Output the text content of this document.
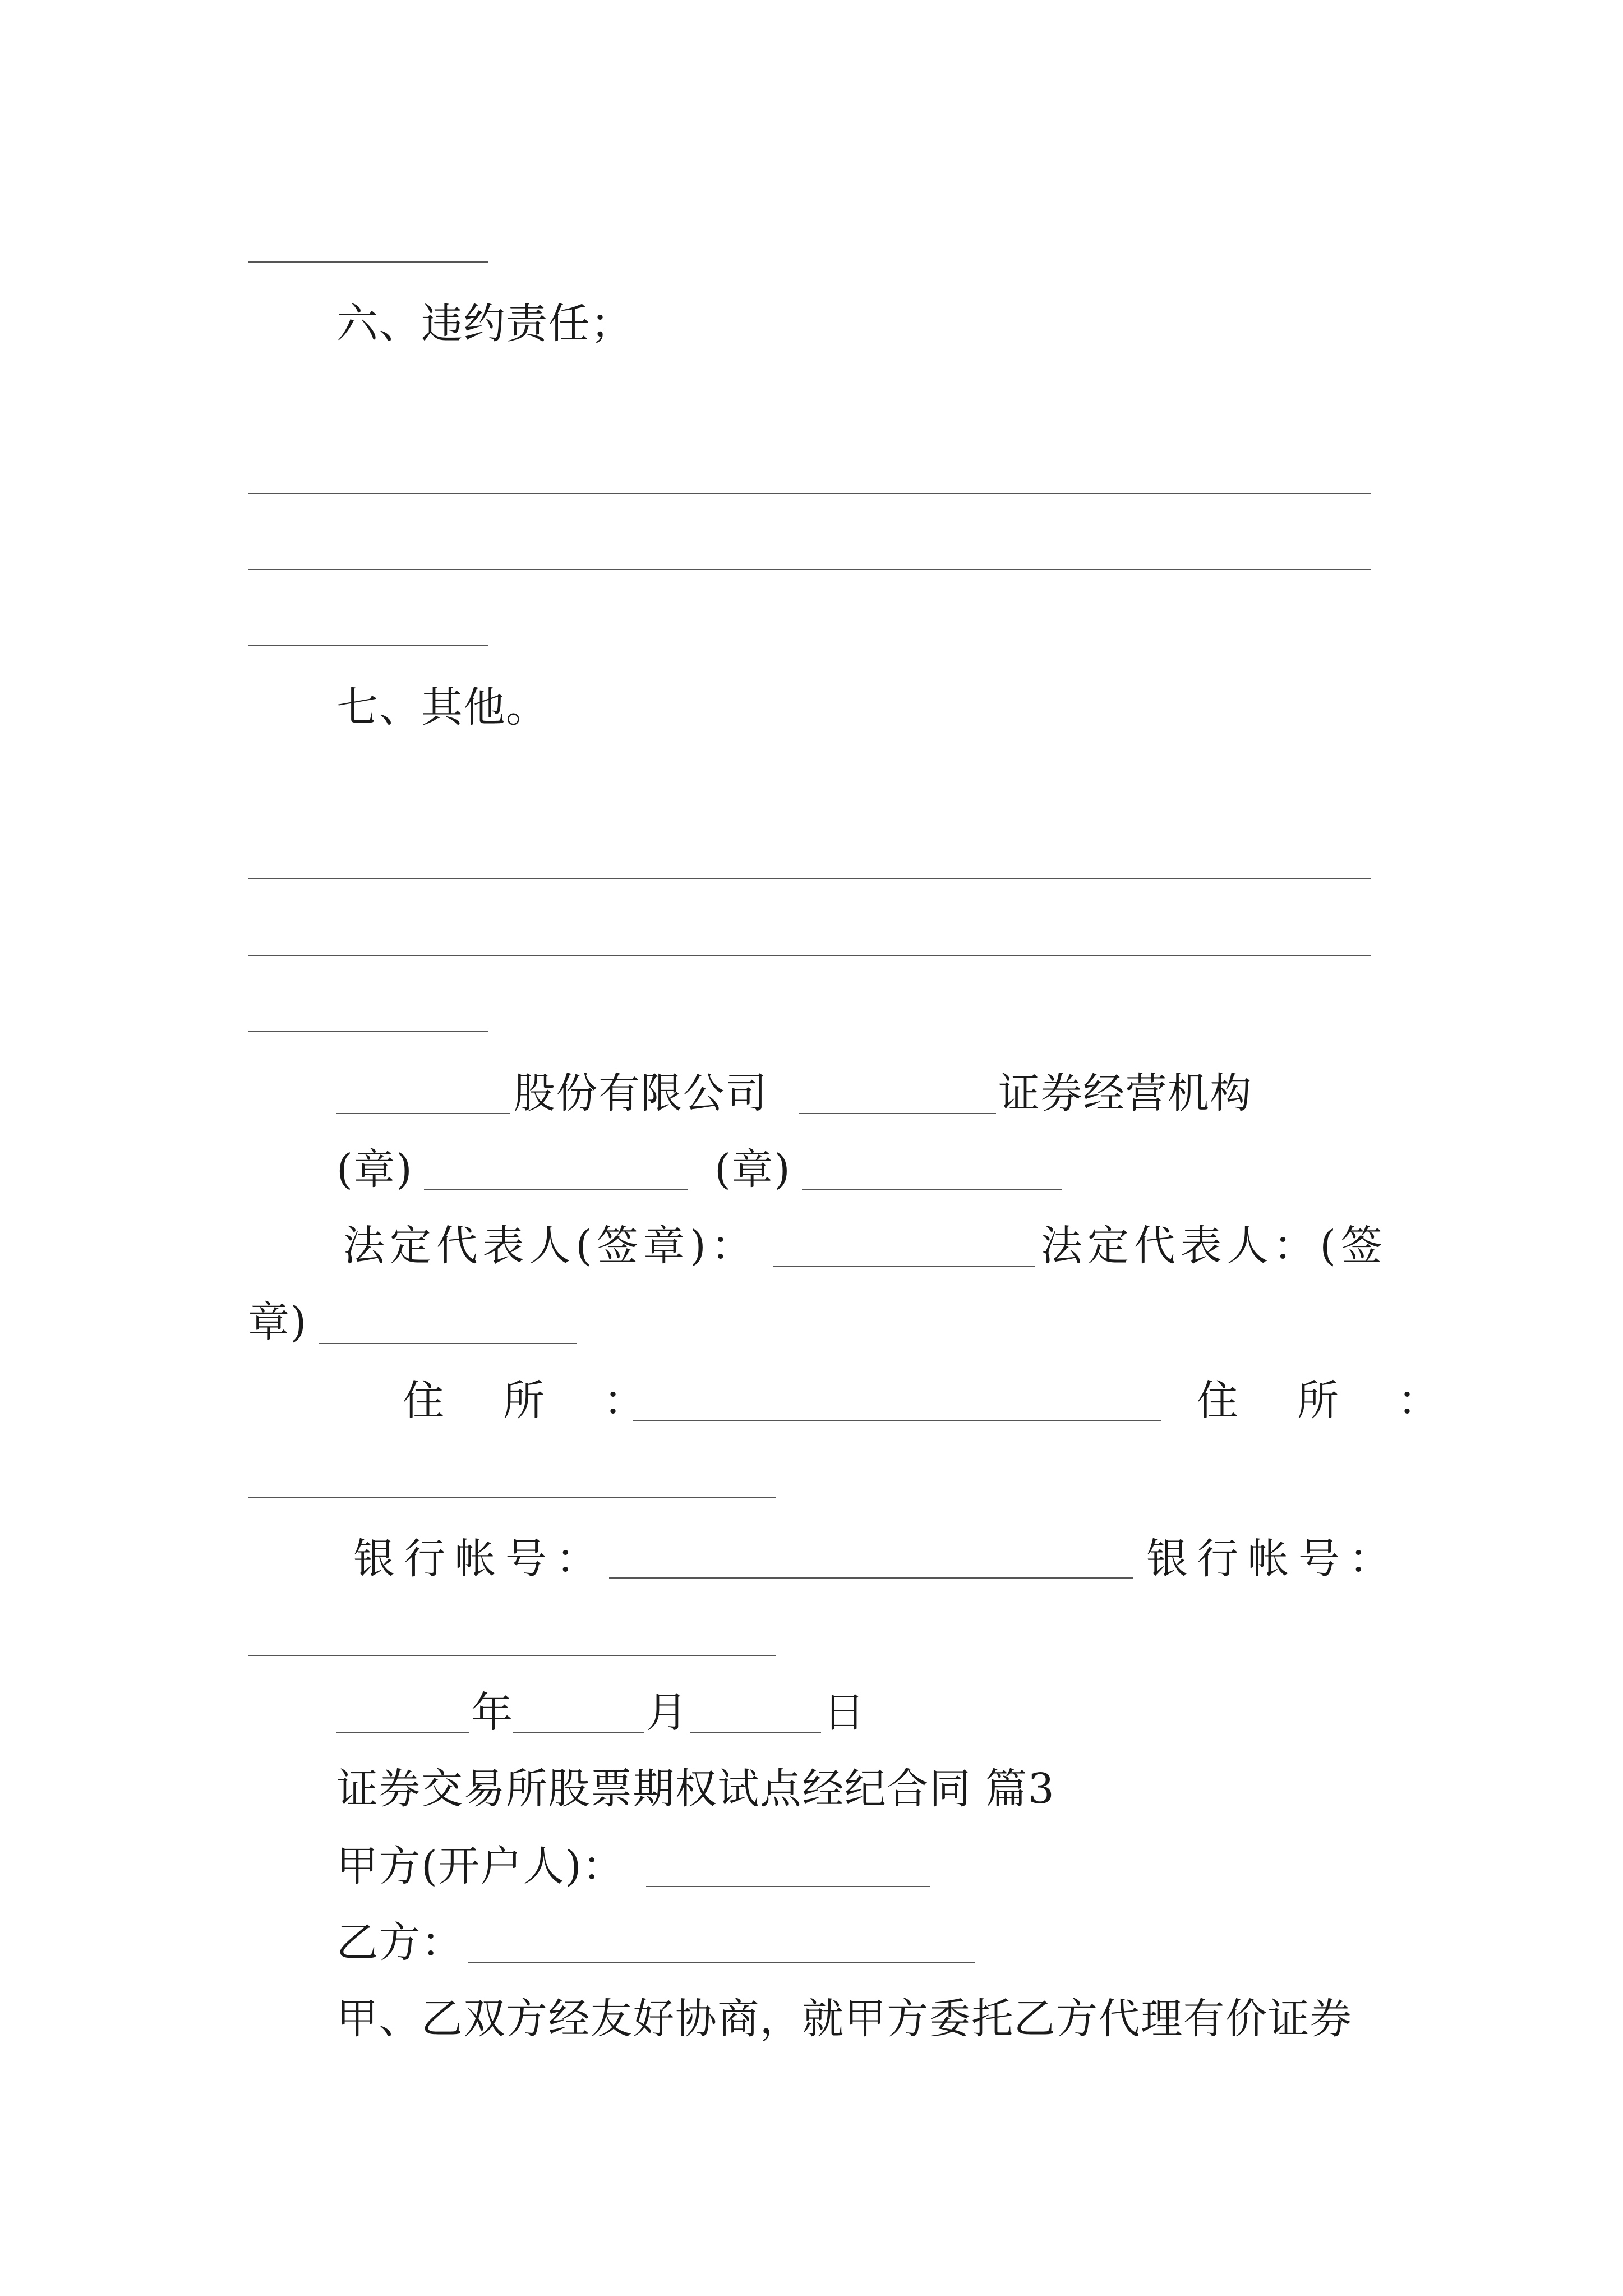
六、违约责任；
七、其他。
股份有限公司	证券经营机构
(章)	(章)
法定代表人(签章)：	法定代表人：(签
章)
住 所 ：	住 所 ：
银行帐号：	银行帐号：
年	月	日
证券交易所股票期权试点经纪合同 篇3
甲方(开户人)：
乙方：
甲、乙双方经友好协商，就甲方委托乙方代理有价证券
